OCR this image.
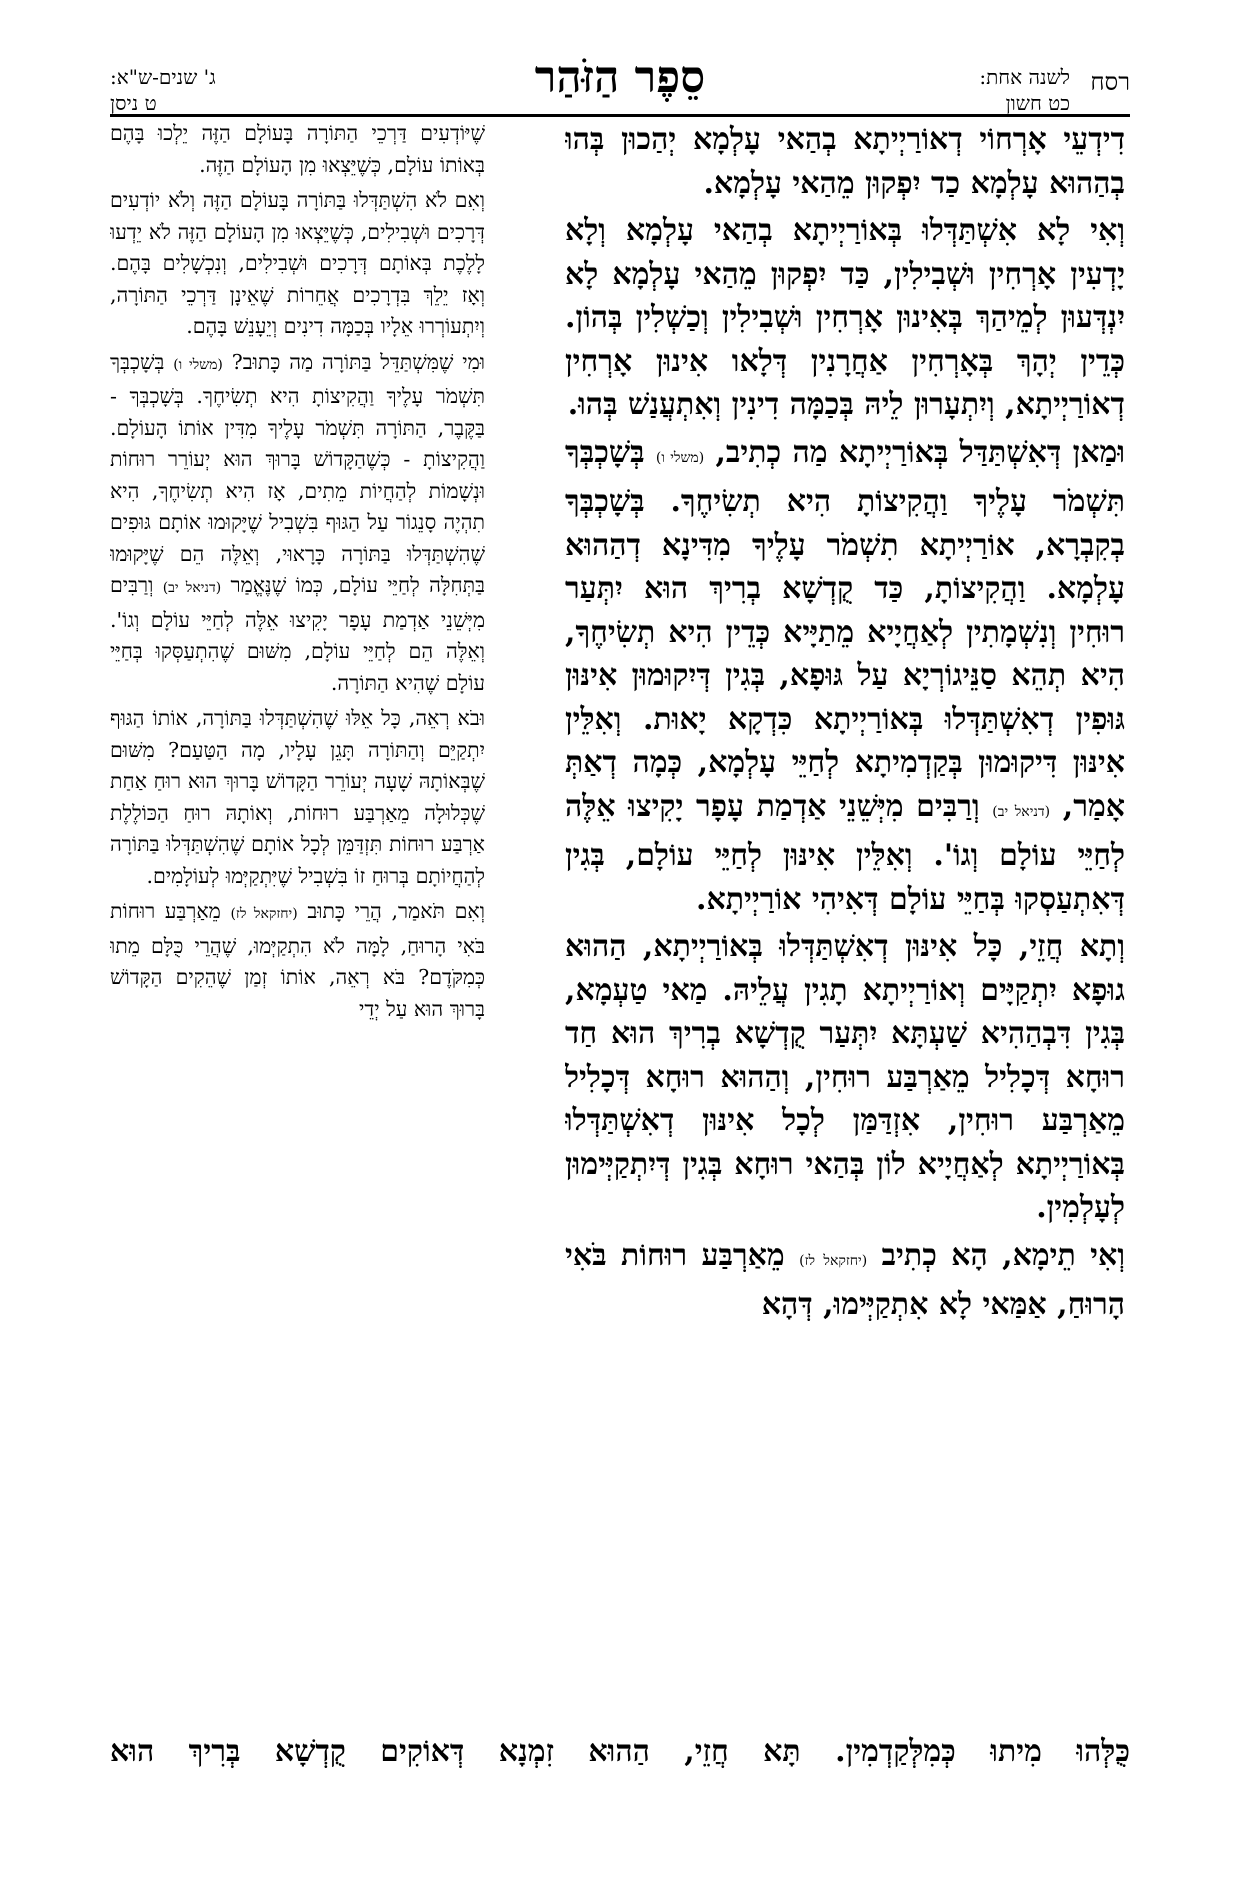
רסח
לשנה אחת:
כט חשון
סֵפֶר הַזֹּהַר
ג' שנים-ש"א:
ט ניסן
דִידְעֵי אָרְחוֹי דְאוֹרַיְיתָא בְהַאי עָלְמָא יְהַכוּן בְּהוּ בְהַהוּא עָלְמָא כַד יִפְקוּן מֵהַאי עָלְמָא.
וְאִי לָא אִשְׁתַּדְּלוּ בְּאוֹרַיְיתָא בְהַאי עָלְמָא וְלָא יָדְעִין אָרְחִין וּשְׁבִילִין, כַּד יִפְקוּן מֵהַאי עָלְמָא לָא יִנְדְּעוּן לְמֵיהַךְ בְּאִינוּן אָרְחִין וּשְׁבִילִין וְכַשְׁלִין בְּהוֹן. כְּדֵין יְהָךְ בְּאָרְחִין אַחֲרָנִין דְּלָאו אִינוּן אָרְחִין דְאוֹרַיְיתָא, וְיִתְעָרוּן לֵיהּ בְּכַמָּה דִינִין וְאִתְעֲנַשׁ בְּהוּ.
וּמַאן דְּאִשְׁתַּדַּל בְּאוֹרַיְיתָא מַה כְתִיב, (משלי ו) בְּשָׁכְבְּךָ תִּשְׁמֹר עָלֶיךָ וַהֲקִיצוֹתָ הִיא תְשִׂיחֶךָ. בְּשָׁכְבְּךָ בְקִבְרָא, אוֹרַיְיתָא תִשְׁמֹר עָלֶיךָ מִדִּינָא דְהַהוּא עָלְמָא. וַהֲקִיצוֹתָ, כַּד קֻדְשָׁא בְרִיךְ הוּא יִתְּעַר רוּחִין וְנִשְׁמָתִין לְאַחֲיָיא מֵתַיָּיא כְּדֵין הִיא תְשִׂיחֶךָ, הִיא תְהֵא סַנֵּיגוֹרְיָא עַל גּוּפָא, בְּגִין דְּיִקוּמוּן אִינּוּן גּוּפִין דְאִשְׁתַּדְּלוּ בְּאוֹרַיְיתָא כִּדְקָא יָאוּת. וְאִלֵּין אִינּוּן דִּיקוּמוּן בְּקַדְמִיתָא לְחַיֵּי עָלְמָא, כְּמָה דְאַתְּ אָמַר, (דניאל יב) וְרַבִּים מִיְּשֵׁנֵי אַדְמַת עָפָר יָקִיצוּ אֵלֶּה לְחַיֵּי עוֹלָם וְגוֹ'. וְאִלֵּין אִינּוּן לְחַיֵּי עוֹלָם, בְּגִין דְּאִתְעַסְקוּ בְּחַיֵּי עוֹלָם דְּאִיהִי אוֹרַיְיתָא.
וְתָא חֲזֵי, כָּל אִינּוּן דְאִשְׁתַּדְּלוּ בְּאוֹרַיְיתָא, הַהוּא גוּפָא יִתְקַיָּים וְאוֹרַיְיתָא תָגִין עֲלֵיהּ. מַאי טַעְמָא, בְּגִין דִּבְהַהִיא שַׁעְתָּא יִתְּעַר קֻדְשָׁא בְרִיךְ הוּא חַד רוּחָא דְּכָלִיל מֵאַרְבַּע רוּחִין, וְהַהוּא רוּחָא דְּכָלִיל מֵאַרְבַּע רוּחִין, אִזְדַּמַּן לְכָל אִינּוּן דְאִשְׁתַּדְּלוּ בְּאוֹרַיְיתָא לְאַחֲיָיא לוֹן בְּהַאי רוּחָא בְּגִין דְּיִתְקַיְּימוּן לְעָלְמִין.
וְאִי תֵימָא, הָא כְתִיב (יחזקאל לז) מֵאַרְבַּע רוּחוֹת בֹּאִי הָרוּחַ, אַמַּאי לָא אִתְקַיְּימוּ, דְּהָא
שֶׁיּוֹדְעִים דַּרְכֵי הַתּוֹרָה בָּעוֹלָם הַזֶּה יֵלְכוּ בָּהֶם בְּאוֹתוֹ עוֹלָם, כְּשֶׁיֵּצְאוּ מִן הָעוֹלָם הַזֶּה.
וְאִם לֹא הִשְׁתַּדְּלוּ בַּתּוֹרָה בָּעוֹלָם הַזֶּה וְלֹא יוֹדְעִים דְּרָכִים וּשְׁבִילִים, כְּשֶׁיֵּצְאוּ מִן הָעוֹלָם הַזֶּה לֹא יֵדְעוּ לָלֶכֶת בְּאוֹתָם דְּרָכִים וּשְׁבִילִים, וְנִכְשָׁלִים בָּהֶם. וְאָז יֵלֵךְ בִּדְרָכִים אֲחֵרוֹת שֶׁאֵינָן דַּרְכֵי הַתּוֹרָה, וְיִתְעוֹרְרוּ אֵלָיו בְּכַמָּה דִינִים וְיֵעָנֵשׁ בָּהֶם.
וּמִי שֶׁמִּשְׁתַּדֵּל בַּתּוֹרָה מַה כָּתוּב? (משלי ו) בְּשָׁכְבְּךָ תִּשְׁמֹר עָלֶיךָ וַהֲקִיצוֹתָ הִיא תְשִׂיחֶךָ. בְּשָׁכְבְּךָ - בַּקֶּבֶר, הַתּוֹרָה תִּשְׁמֹר עָלֶיךָ מִדִּין אוֹתוֹ הָעוֹלָם. וַהֲקִיצוֹתָ - כְּשֶׁהַקָּדוֹשׁ בָּרוּךְ הוּא יְעוֹרֵר רוּחוֹת וּנְשָׁמוֹת לְהַחֲיוֹת מֵתִים, אָז הִיא תְשִׂיחֶךָ, הִיא תִהְיֶה סָנֵגוֹר עַל הַגּוּף בִּשְׁבִיל שֶׁיָּקוּמוּ אוֹתָם גּוּפִים שֶׁהִשְׁתַּדְּלוּ בַּתּוֹרָה כָּרָאוּי, וְאֵלֶּה הֵם שֶׁיָּקוּמוּ בַּתְּחִלָּה לְחַיֵּי עוֹלָם, כְּמוֹ שֶׁנֶּאֱמַר (דניאל יב) וְרַבִּים מִיְּשֵׁנֵי אַדְמַת עָפָר יָקִיצוּ אֵלֶּה לְחַיֵּי עוֹלָם וְגוֹ'. וְאֵלֶּה הֵם לְחַיֵּי עוֹלָם, מִשּׁוּם שֶׁהִתְעַסְּקוּ בְּחַיֵּי עוֹלָם שֶׁהִיא הַתּוֹרָה.
וּבֹא רְאֵה, כָּל אֵלּוּ שֶׁהִשְׁתַּדְּלוּ בַּתּוֹרָה, אוֹתוֹ הַגּוּף יִתְקַיֵּם וְהַתּוֹרָה תָּגֵן עָלָיו, מָה הַטַּעַם? מִשּׁוּם שֶׁבְּאוֹתָהּ שָׁעָה יְעוֹרֵר הַקָּדוֹשׁ בָּרוּךְ הוּא רוּחַ אַחַת שֶׁכְּלוּלָה מֵאַרְבַּע רוּחוֹת, וְאוֹתָהּ רוּחַ הַכּוֹלֶלֶת אַרְבַּע רוּחוֹת תִּזְדַּמֵּן לְכָל אוֹתָם שֶׁהִשְׁתַּדְּלוּ בַּתּוֹרָה לְהַחֲיוֹתָם בְּרוּחַ זוֹ בִּשְׁבִיל שֶׁיִּתְקַיְּמוּ לְעוֹלָמִים.
וְאִם תֹּאמַר, הֲרֵי כָּתוּב (יחזקאל לז) מֵאַרְבַּע רוּחוֹת בֹּאִי הָרוּחַ, לָמָּה לֹא הִתְקַיְּמוּ, שֶׁהֲרֵי כֻּלָּם מֵתוּ כְּמִקֹּדֶם? בֹּא רְאֵה, אוֹתוֹ זְמַן שֶׁהֵקִים הַקָּדוֹשׁ בָּרוּךְ הוּא עַל יְדֵי
כֻּלְּהוּ מִיתוּ כְּמִלְּקַדְמִין. תָּא חֲזֵי, הַהוּא זִמְנָא דְּאוֹקִים קֻדְשָׁא בְּרִיךְ הוּא
